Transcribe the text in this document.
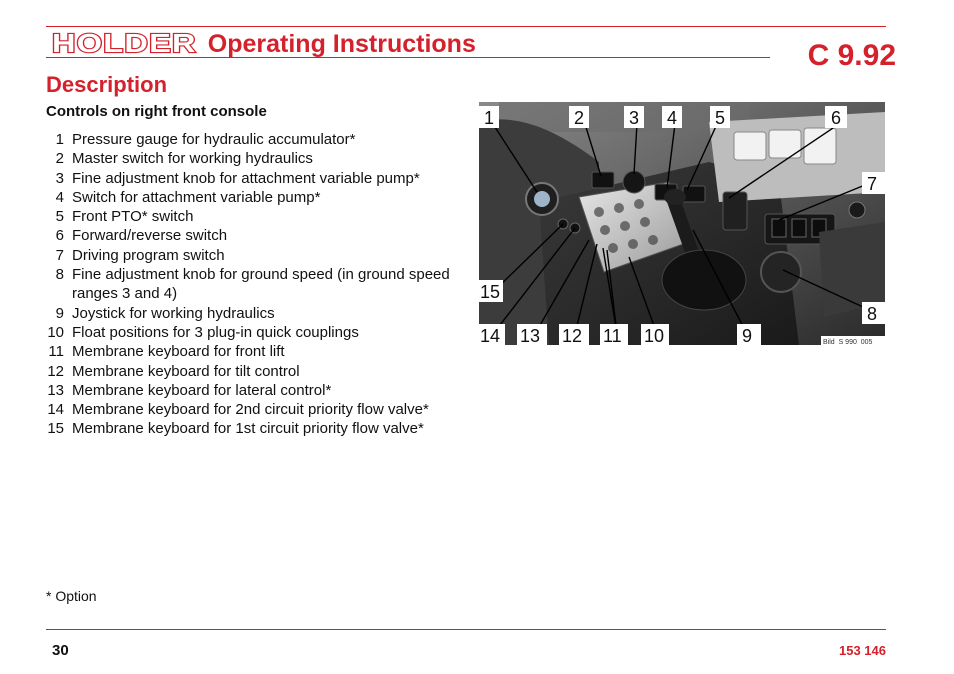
HOLDER Operating Instructions	C 9.92
Description
Controls on right front console
1 Pressure gauge for hydraulic accumulator*
2 Master switch for working hydraulics
3 Fine adjustment knob for attachment variable pump*
4 Switch for attachment variable pump*
5 Front PTO* switch
6 Forward/reverse switch
7 Driving program switch
8 Fine adjustment knob for ground speed (in ground speed ranges 3 and 4)
9 Joystick for working hydraulics
10 Float positions for 3 plug-in quick couplings
11 Membrane keyboard for front lift
12 Membrane keyboard for tilt control
13 Membrane keyboard for lateral control*
14 Membrane keyboard for 2nd circuit priority flow valve*
15 Membrane keyboard for 1st circuit priority flow valve*
1	2 3 4 5	6
7
8
9
10
11
12
13
14
15
Bild_S 990_005
* Option
30	153 146
